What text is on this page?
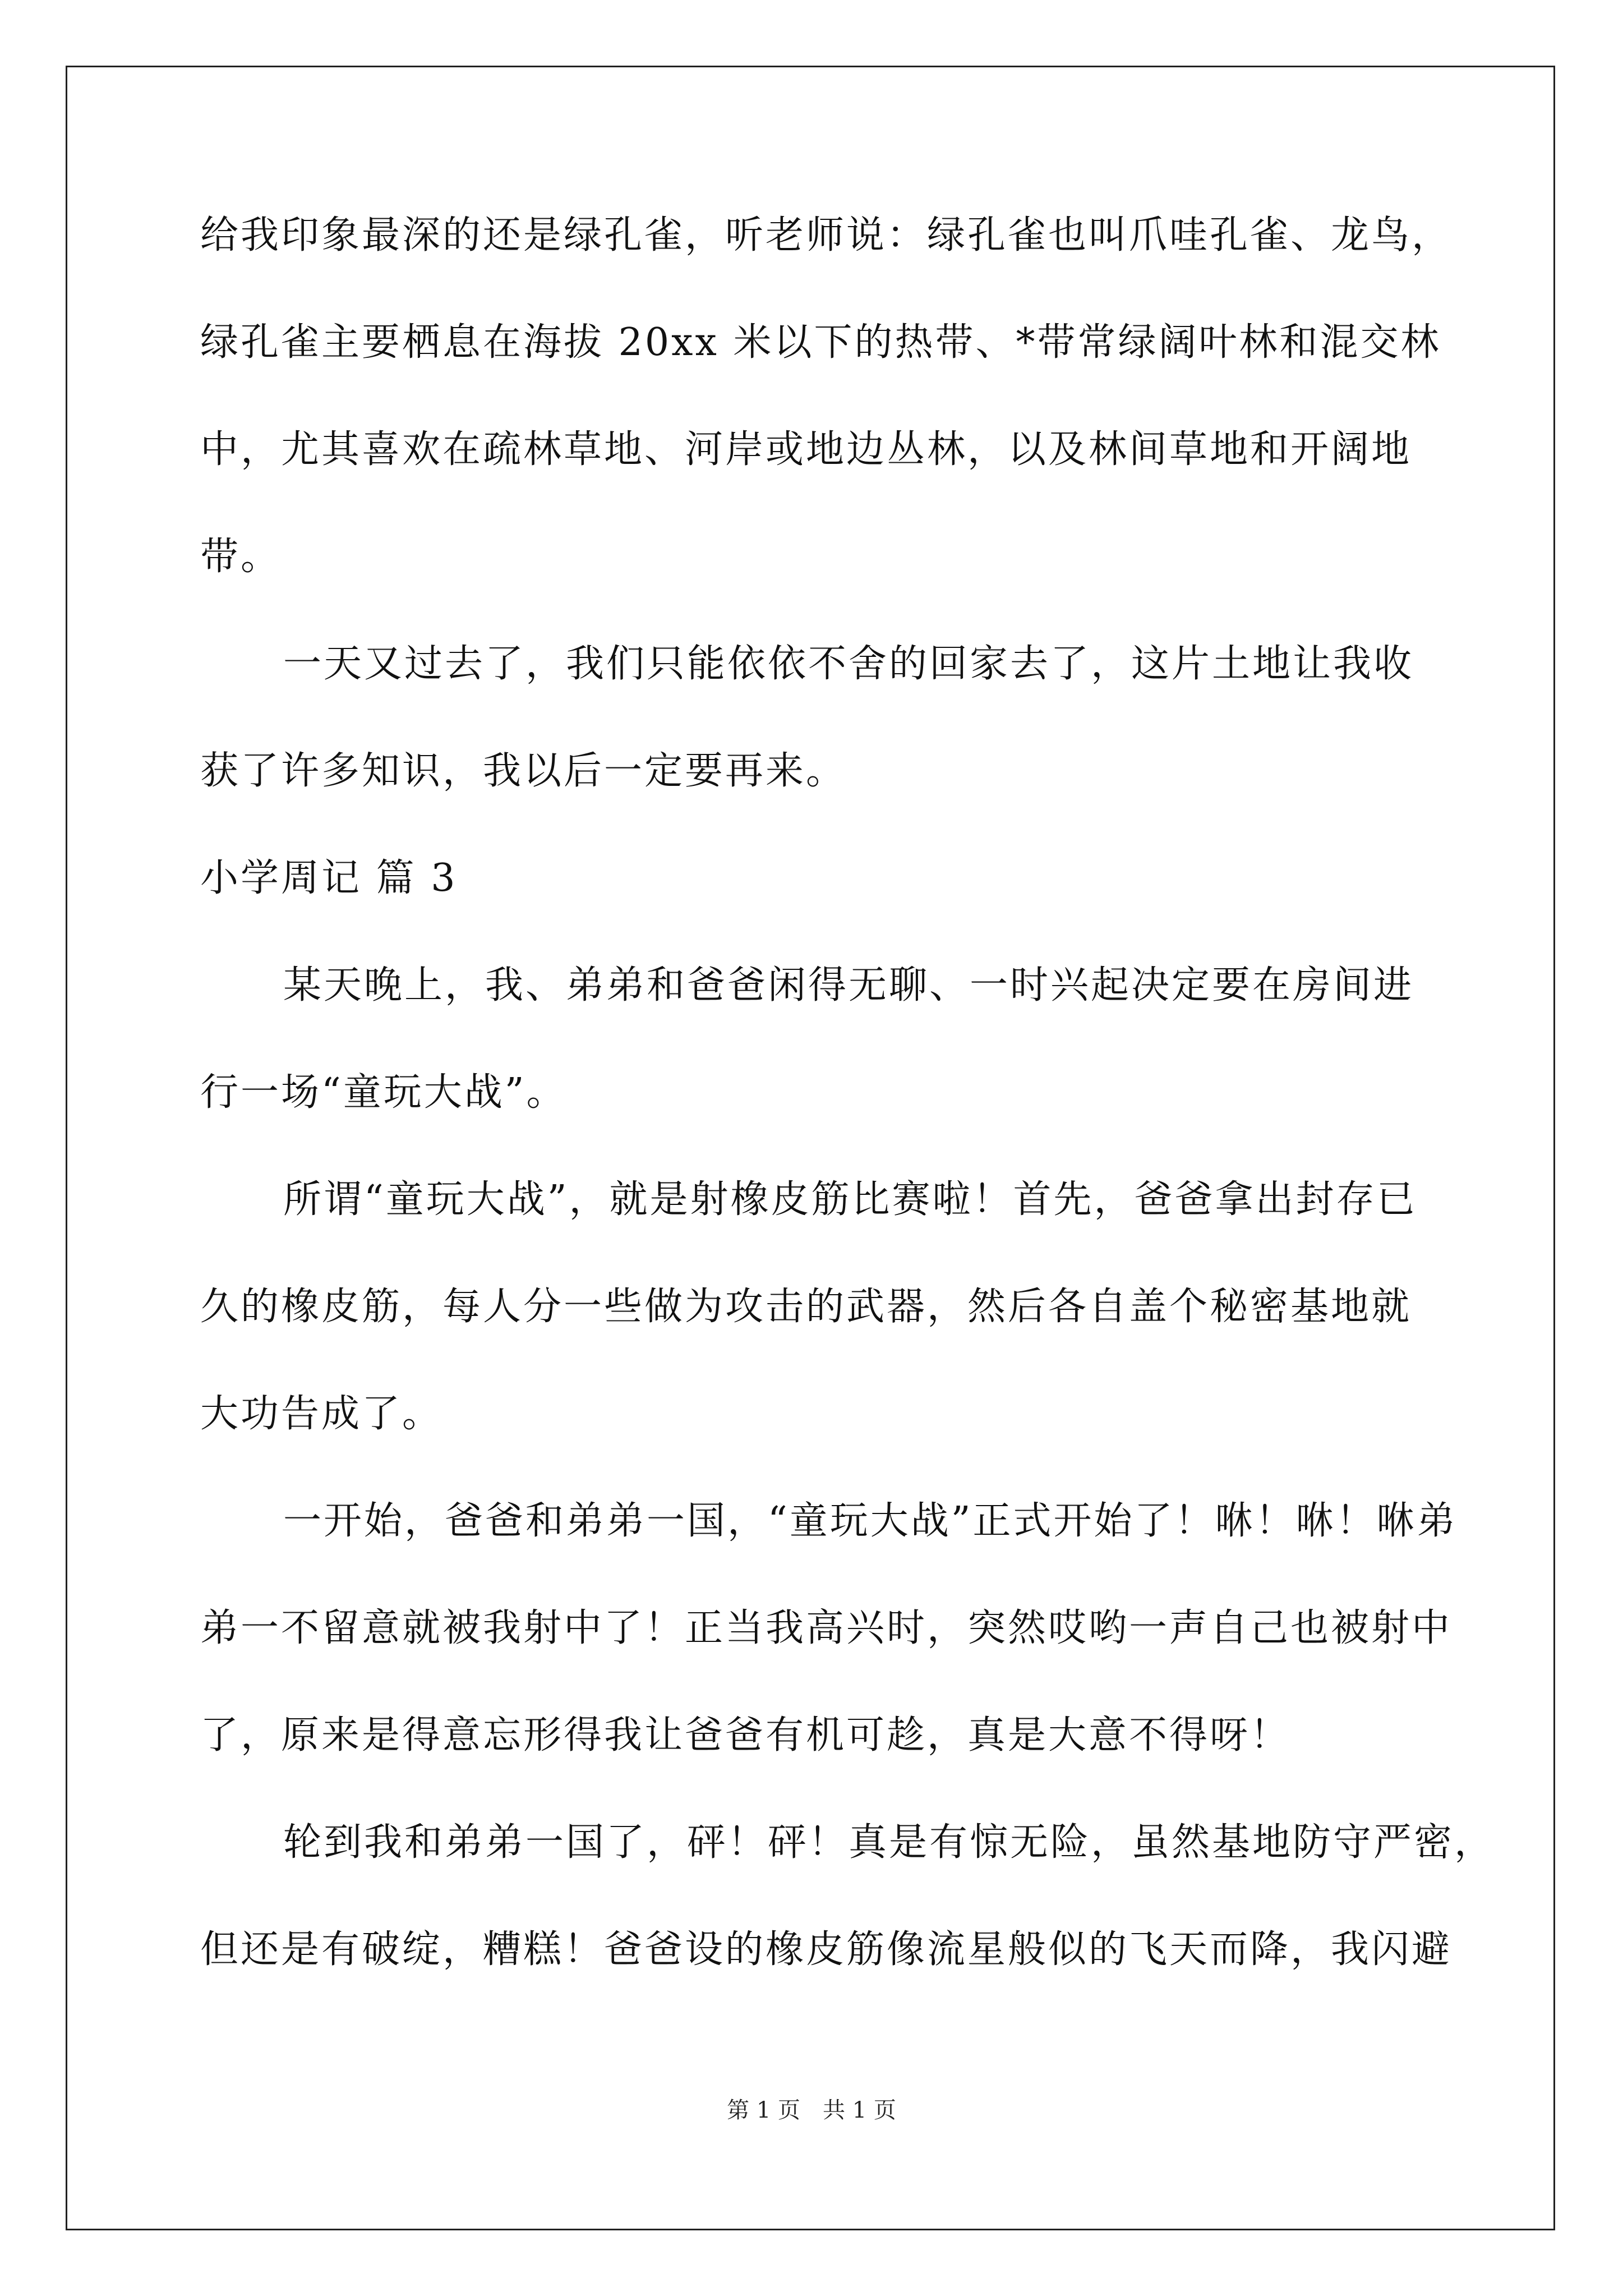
给我印象最深的还是绿孔雀，听老师说：绿孔雀也叫爪哇孔雀、龙鸟，
绿孔雀主要栖息在海拔 20xx 米以下的热带、*带常绿阔叶林和混交林
中，尤其喜欢在疏林草地、河岸或地边丛林，以及林间草地和开阔地
带。
一天又过去了，我们只能依依不舍的回家去了，这片土地让我收
获了许多知识，我以后一定要再来。
小学周记 篇 3
某天晚上，我、弟弟和爸爸闲得无聊、一时兴起决定要在房间进
行一场“童玩大战”。
所谓“童玩大战”，就是射橡皮筋比赛啦！首先，爸爸拿出封存已
久的橡皮筋，每人分一些做为攻击的武器，然后各自盖个秘密基地就
大功告成了。
一开始，爸爸和弟弟一国，“童玩大战”正式开始了！咻！咻！咻弟
弟一不留意就被我射中了！正当我高兴时，突然哎哟一声自己也被射中
了，原来是得意忘形得我让爸爸有机可趁，真是大意不得呀！
轮到我和弟弟一国了，砰！砰！真是有惊无险，虽然基地防守严密，
但还是有破绽，糟糕！爸爸设的橡皮筋像流星般似的飞天而降，我闪避
第 1 页　共 1 页
